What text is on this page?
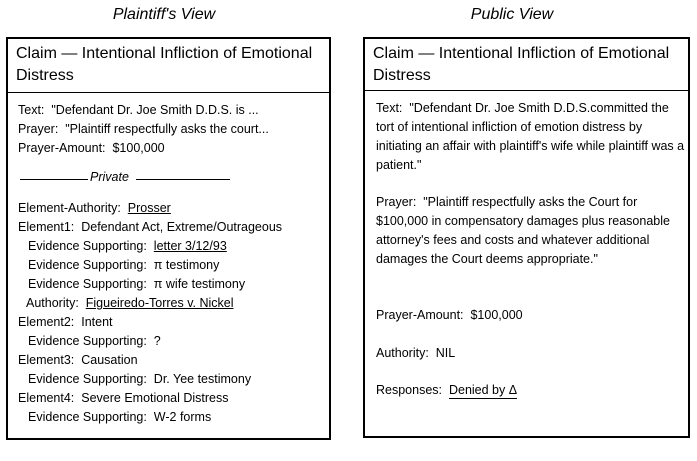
Plaintiff's View	Public View
Claim — Intentional Infliction of Emotional Distress
Text: "Defendant Dr. Joe Smith D.D.S. is ...
Prayer: "Plaintiff respectfully asks the court...
Prayer-Amount: $100,000
Private
Element-Authority: Prosser
Element1: Defendant Act, Extreme/Outrageous
Evidence Supporting: letter 3/12/93
Evidence Supporting: π testimony
Evidence Supporting: π wife testimony
Authority: Figueiredo-Torres v. Nickel
Element2: Intent
Evidence Supporting: ?
Element3: Causation
Evidence Supporting: Dr. Yee testimony
Element4: Severe Emotional Distress
Evidence Supporting: W-2 forms
Claim — Intentional Infliction of Emotional Distress
Text: "Defendant Dr. Joe Smith D.D.S.committed the tort of intentional infliction of emotion distress by initiating an affair with plaintiff's wife while plaintiff was a patient."
Prayer: "Plaintiff respectfully asks the Court for $100,000 in compensatory damages plus reasonable attorney's fees and costs and whatever additional damages the Court deems appropriate."
Prayer-Amount: $100,000
Authority: NIL
Responses: Denied by Δ
